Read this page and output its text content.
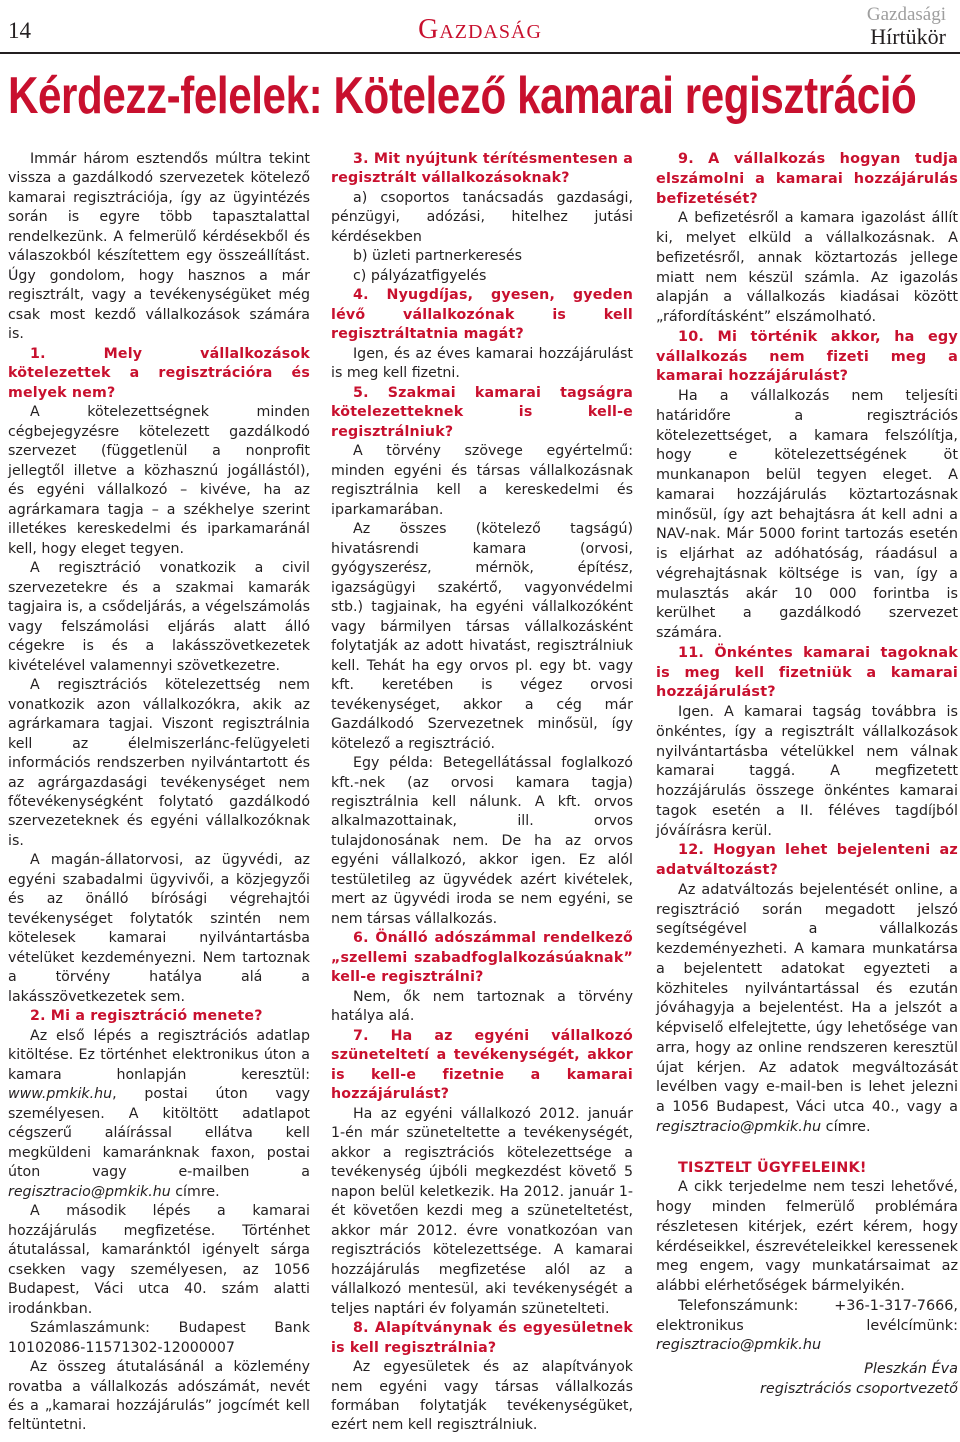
14	Gazdaság	Gazdasági
Hírtükör
Kérdezz-felelek: Kötelező kamarai regisztráció

Immár három esztendős múltra tekint vissza a gazdálkodó szervezetek kötelező kamarai regisztrációja, így az ügyintézés során is egyre több tapasztalattal rendelkezünk. A felmerülő kérdésekből és válaszokból készítettem egy összeállítást. Úgy gondolom, hogy hasznos a már regisztrált, vagy a tevékenységüket még csak most kezdő vállalkozások számára is.

1. Mely vállalkozások kötelezettek a regisztrációra és melyek nem?

A kötelezettségnek minden cégbejegyzésre kötelezett gazdálkodó szervezet (függetlenül a nonprofit jellegtől illetve a közhasznú jogállástól), és egyéni vállalkozó – kivéve, ha az agrárkamara tagja – a székhelye szerint illetékes kereskedelmi és iparkamaránál kell, hogy eleget tegyen.

A regisztráció vonatkozik a civil szervezetekre és a szakmai kamarák tagjaira is, a csődeljárás, a végelszámolás vagy felszámolási eljárás alatt álló cégekre is és a lakásszövetkezetek kivételével valamennyi szövetkezetre.

A regisztrációs kötelezettség nem vonatkozik azon vállalkozókra, akik az agrárkamara tagjai. Viszont regisztrálnia kell az élelmiszerlánc-felügyeleti információs rendszerben nyilvántartott és az agrárgazdasági tevékenységet nem főtevékenységként folytató gazdálkodó szervezeteknek és egyéni vállalkozóknak is.

A magán-állatorvosi, az ügyvédi, az egyéni szabadalmi ügyvivői, a közjegyzői és az önálló bírósági végrehajtói tevékenységet folytatók szintén nem kötelesek kamarai nyilvántartásba vételüket kezdeményezni. Nem tartoznak a törvény hatálya alá a lakásszövetkezetek sem.

2. Mi a regisztráció menete?

Az első lépés a regisztrációs adatlap kitöltése. Ez történhet elektronikus úton a kamara honlapján keresztül: www.pmkik.hu, postai úton vagy személyesen. A kitöltött adatlapot cégszerű aláírással ellátva kell megküldeni kamaránknak faxon, postai úton vagy e-mailben a regisztracio@pmkik.hu címre.

A második lépés a kamarai hozzájárulás megfizetése. Történhet átutalással, kamaránktól igényelt sárga csekken vagy személyesen, az 1056 Budapest, Váci utca 40. szám alatti irodánkban.

Számlaszámunk: Budapest Bank 10102086-11571302-12000007

Az összeg átutalásánál a közlemény rovatba a vállalkozás adószámát, nevét és a „kamarai hozzájárulás” jogcímét kell feltüntetni.

3. Mit nyújtunk térítésmentesen a regisztrált vállalkozásoknak?

a) csoportos tanácsadás gazdasági, pénzügyi, adózási, hitelhez jutási kérdésekben

b) üzleti partnerkeresés

c) pályázatfigyelés

4. Nyugdíjas, gyesen, gyeden lévő vállalkozónak is kell regisztráltatnia magát?

Igen, és az éves kamarai hozzájárulást is meg kell fizetni.

5. Szakmai kamarai tagságra kötelezetteknek is kell-e regisztrálniuk?

A törvény szövege egyértelmű: minden egyéni és társas vállalkozásnak regisztrálnia kell a kereskedelmi és iparkamarában.

Az összes (kötelező tagságú) hivatásrendi kamara (orvosi, gyógyszerész, mérnök, építész, igazságügyi szakértő, vagyonvédelmi stb.) tagjainak, ha egyéni vállalkozóként vagy bármilyen társas vállalkozásként folytatják az adott hivatást, regisztrálniuk kell. Tehát ha egy orvos pl. egy bt. vagy kft. keretében is végez orvosi tevékenységet, akkor a cég már Gazdálkodó Szervezetnek minősül, így kötelező a regisztráció.

Egy példa: Betegellátással foglalkozó kft.-nek (az orvosi kamara tagja) regisztrálnia kell nálunk. A kft. orvos alkalmazottainak, ill. orvos tulajdonosának nem. De ha az orvos egyéni vállalkozó, akkor igen. Ez alól testületileg az ügyvédek azért kivételek, mert az ügyvédi iroda se nem egyéni, se nem társas vállalkozás.

6. Önálló adószámmal rendelkező „szellemi szabadfoglalkozásúaknak” kell-e regisztrálni?

Nem, ők nem tartoznak a törvény hatálya alá.

7. Ha az egyéni vállalkozó szüneteltetí a tevékenységét, akkor is kell-e fizetnie a kamarai hozzájárulást?

Ha az egyéni vállalkozó 2012. január 1-én már szüneteltette a tevékenységét, akkor a regisztrációs kötelezettsége a tevékenység újbóli megkezdést követő 5 napon belül keletkezik. Ha 2012. január 1-ét követően kezdi meg a szüneteltetést, akkor már 2012. évre vonatkozóan van regisztrációs kötelezettsége. A kamarai hozzájárulás megfizetése alól az a vállalkozó mentesül, aki tevékenységét a teljes naptári év folyamán szünetelteti.

8. Alapítványnak és egyesületnek is kell regisztrálnia?

Az egyesületek és az alapítványok nem egyéni vagy társas vállalkozás formában folytatják tevékenységüket, ezért nem kell regisztrálniuk.

9. A vállalkozás hogyan tudja elszámolni a kamarai hozzájárulás befizetését?

A befizetésről a kamara igazolást állít ki, melyet elküld a vállalkozásnak. A befizetésről, annak köztartozás jellege miatt nem készül számla. Az igazolás alapján a vállalkozás kiadásai között „ráfordításként” elszámolható.

10. Mi történik akkor, ha egy vállalkozás nem fizeti meg a kamarai hozzájárulást?

Ha a vállalkozás nem teljesíti határidőre a regisztrációs kötelezettséget, a kamara felszólítja, hogy e kötelezettségének öt munkanapon belül tegyen eleget. A kamarai hozzájárulás köztartozásnak minősül, így azt behajtásra át kell adni a NAV-nak. Már 5000 forint tartozás esetén is eljárhat az adóhatóság, ráadásul a végrehajtásnak költsége is van, így a mulasztás akár 10 000 forintba is kerülhet a gazdálkodó szervezet számára.

11. Önkéntes kamarai tagoknak is meg kell fizetniük a kamarai hozzájárulást?

Igen. A kamarai tagság továbbra is önkéntes, így a regisztrált vállalkozások nyilvántartásba vételükkel nem válnak kamarai taggá. A megfizetett hozzájárulás összege önkéntes kamarai tagok esetén a II. féléves tagdíjból jóváírásra kerül.

12. Hogyan lehet bejelenteni az adatváltozást?

Az adatváltozás bejelentését online, a regisztráció során megadott jelszó segítségével a vállalkozás kezdeményezheti. A kamara munkatársa a bejelentett adatokat egyezteti a közhiteles nyilvántartással és ezután jóváhagyja a bejelentést. Ha a jelszót a képviselő elfelejtette, úgy lehetősége van arra, hogy az online rendszeren keresztül újat kérjen. Az adatok megváltozását levélben vagy e-mail-ben is lehet jelezni a 1056 Budapest, Váci utca 40., vagy a regisztracio@pmkik.hu címre.

TISZTELT ÜGYFELEINK!

A cikk terjedelme nem teszi lehetővé, hogy minden felmerülő problémára részletesen kitérjek, ezért kérem, hogy kérdéseikkel, észrevételeikkel keressenek meg engem, vagy munkatársaimat az alábbi elérhetőségek bármelyikén.

Telefonszámunk: +36-1-317-7666, elektronikus levélcímünk: regisztracio@pmkik.hu

Pleszkán Éva

regisztrációs csoportvezető
